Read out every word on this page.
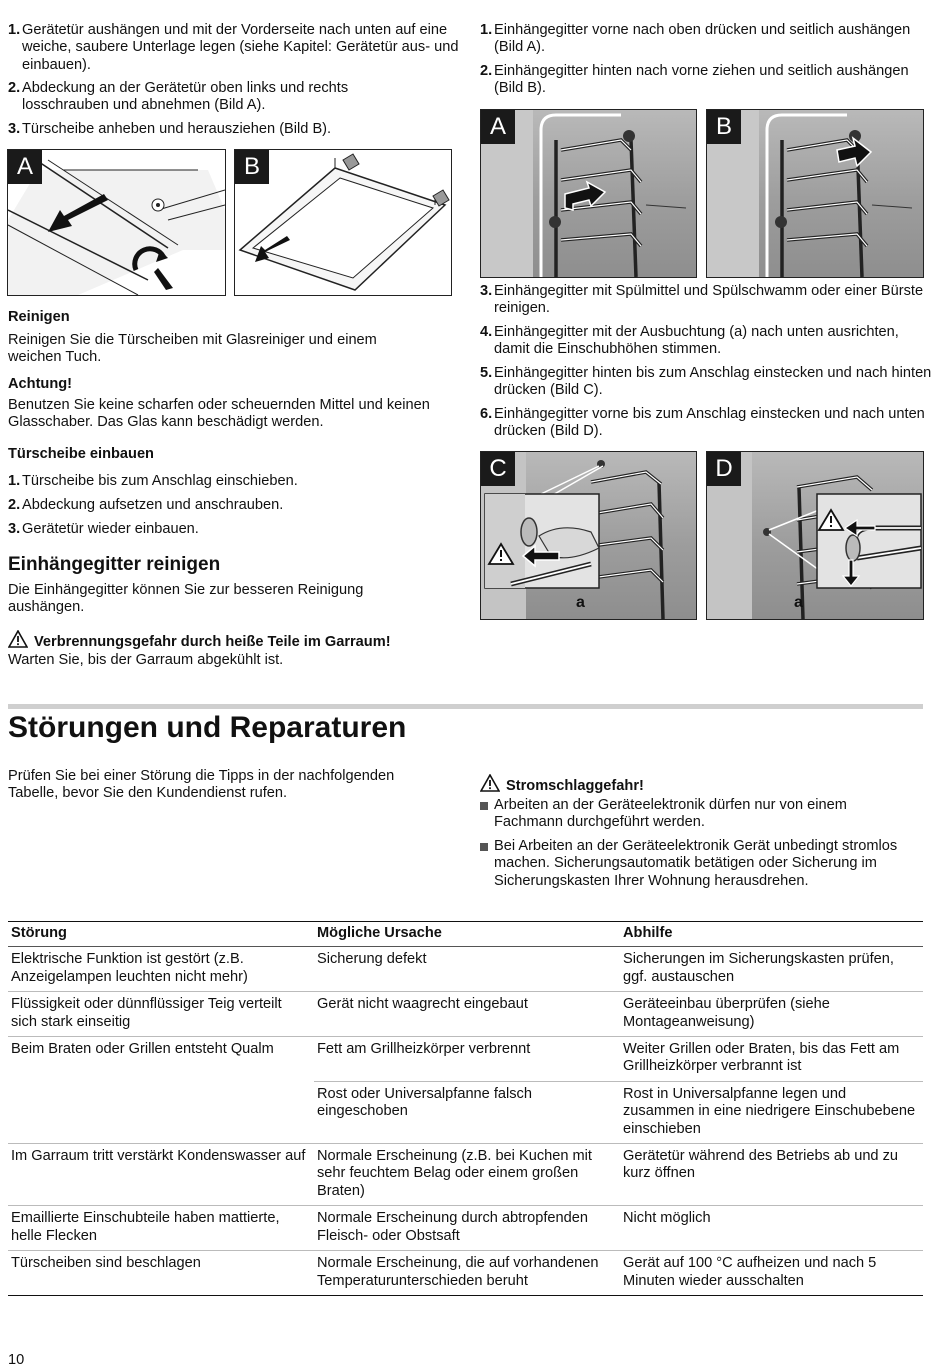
1. Gerätetür aushängen und mit der Vorderseite nach unten auf eine weiche, saubere Unterlage legen (siehe Kapitel: Gerätetür aus- und einbauen).
2. Abdeckung an der Gerätetür oben links und rechts losschrauben und abnehmen (Bild A).
3. Türscheibe anheben und herausziehen (Bild B).
A	B
Reinigen
Reinigen Sie die Türscheiben mit Glasreiniger und einem weichen Tuch.
Achtung!
Benutzen Sie keine scharfen oder scheuernden Mittel und keinen Glasschaber. Das Glas kann beschädigt werden.
Türscheibe einbauen
1. Türscheibe bis zum Anschlag einschieben.
2. Abdeckung aufsetzen und anschrauben.
3. Gerätetür wieder einbauen.
Einhängegitter reinigen
Die Einhängegitter können Sie zur besseren Reinigung aushängen.
Verbrennungsgefahr durch heiße Teile im Garraum!
Warten Sie, bis der Garraum abgekühlt ist.
1. Einhängegitter vorne nach oben drücken und seitlich aushängen (Bild A).
2. Einhängegitter hinten nach vorne ziehen und seitlich aushängen (Bild B).
A	B
3. Einhängegitter mit Spülmittel und Spülschwamm oder einer Bürste reinigen.
4. Einhängegitter mit der Ausbuchtung (a) nach unten ausrichten, damit die Einschubhöhen stimmen.
5. Einhängegitter hinten bis zum Anschlag einstecken und nach hinten drücken (Bild C).
6. Einhängegitter vorne bis zum Anschlag einstecken und nach unten drücken (Bild D).
C
a
D
a
Störungen und Reparaturen
Prüfen Sie bei einer Störung die Tipps in der nachfolgenden Tabelle, bevor Sie den Kundendienst rufen.	Stromschlaggefahr!
Arbeiten an der Geräteelektronik dürfen nur von einem Fachmann durchgeführt werden.
Bei Arbeiten an der Geräteelektronik Gerät unbedingt stromlos machen. Sicherungsautomatik betätigen oder Sicherung im Sicherungskasten Ihrer Wohnung herausdrehen.
Störung	Mögliche Ursache	Abhilfe
Elektrische Funktion ist gestört (z.B. Anzeigelampen leuchten nicht mehr)	Sicherung defekt	Sicherungen im Sicherungskasten prüfen, ggf. austauschen
Flüssigkeit oder dünnflüssiger Teig verteilt sich stark einseitig	Gerät nicht waagrecht eingebaut	Geräteeinbau überprüfen (siehe Montageanweisung)
Beim Braten oder Grillen entsteht Qualm	Fett am Grillheizkörper verbrennt	Weiter Grillen oder Braten, bis das Fett am Grillheizkörper verbrannt ist
	Rost oder Universalpfanne falsch eingeschoben	Rost in Universalpfanne legen und zusammen in eine niedrigere Einschubebene einschieben
Im Garraum tritt verstärkt Kondenswasser auf	Normale Erscheinung (z.B. bei Kuchen mit sehr feuchtem Belag oder einem großen Braten)	Gerätetür während des Betriebs ab und zu kurz öffnen
Emaillierte Einschubteile haben mattierte, helle Flecken	Normale Erscheinung durch abtropfenden Fleisch- oder Obstsaft	Nicht möglich
Türscheiben sind beschlagen	Normale Erscheinung, die auf vorhandenen Temperaturunterschieden beruht	Gerät auf 100 °C aufheizen und nach 5 Minuten wieder ausschalten
10
